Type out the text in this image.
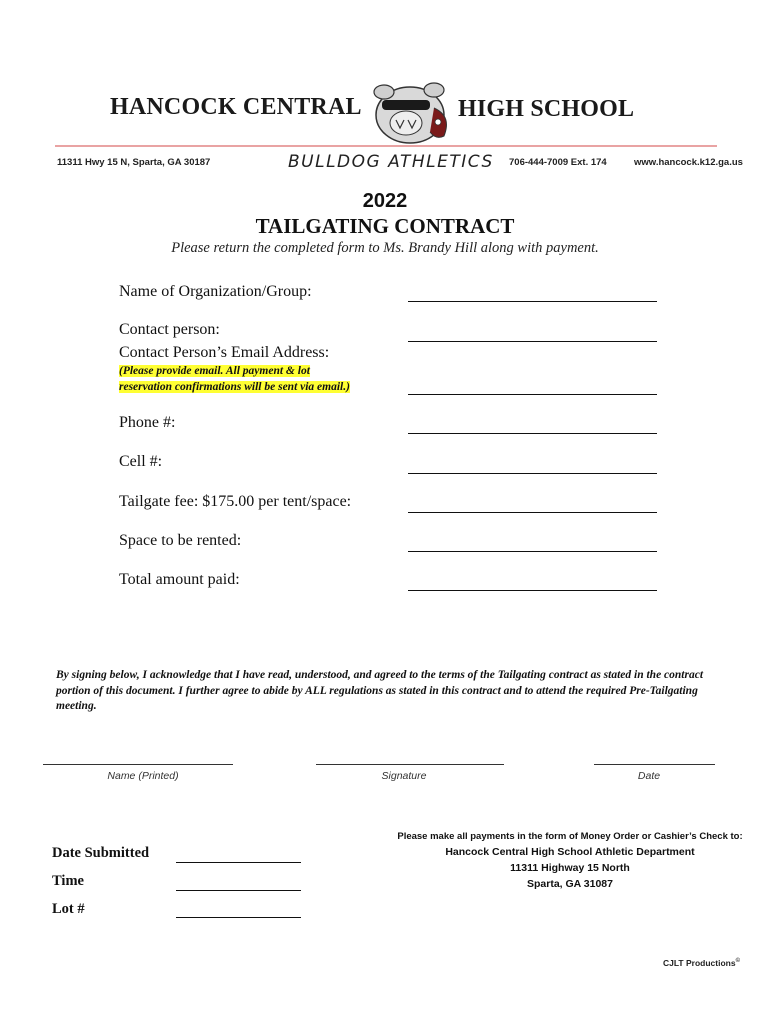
HANCOCK CENTRAL	HIGH SCHOOL
11311 Hwy 15 N, Sparta, GA 30187	BULLDOG ATHLETICS 706-444-7009 Ext. 174	www.hancock.k12.ga.us
2022
TAILGATING CONTRACT
Please return the completed form to Ms. Brandy Hill along with payment.
Name of Organization/Group:
Contact person:
Contact Person’s Email Address:
(Please provide email. All payment & lot
reservation confirmations will be sent via email.)
Phone #:
Cell #:
Tailgate fee: $175.00 per tent/space:
Space to be rented:
Total amount paid:
By signing below, I acknowledge that I have read, understood, and agreed to the terms of the Tailgating contract as stated in the contract portion of this document. I further agree to abide by ALL regulations as stated in this contract and to attend the required Pre-Tailgating meeting.
Name (Printed)	Signature	Date
Date Submitted
Time
Lot #
Please make all payments in the form of Money Order or Cashier’s Check to:
Hancock Central High School Athletic Department
11311 Highway 15 North
Sparta, GA 31087
CJLT Productions©
